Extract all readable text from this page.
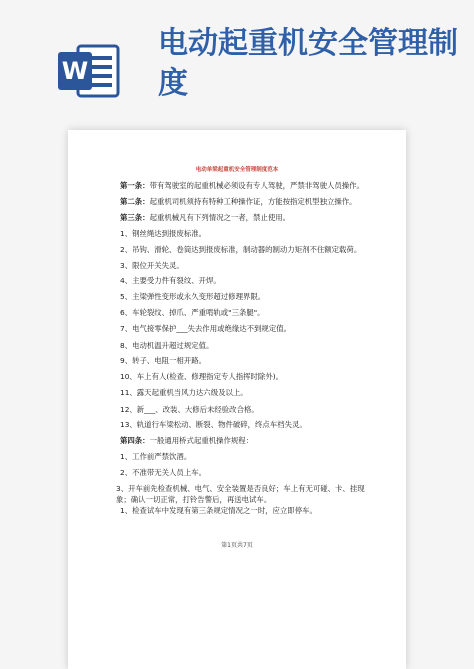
W
电动起重机安全管理制度

电动单梁起重机安全管理制度范本

第一条：带有驾驶室的起重机械必须设有专人驾驶，严禁非驾驶人员操作。
第二条：起重机司机须持有特种工种操作证，方能按指定机型独立操作。
第三条：起重机械凡有下列情况之一者，禁止使用。
1、钢丝绳达到报废标准。
2、吊钩、滑轮、卷筒达到报废标准，制动器的制动力矩剂不住额定载荷。
3、限位开关失灵。
4、主要受力件有裂纹、开焊。
5、主梁弹性变形或永久变形超过修理界限。
6、车轮裂纹、掉爪、严重啃轨或"三条腿"。
7、电气接零保护___失去作用或绝缘达不到规定值。
8、电动机温升超过规定值。
9、转子、电阻一相开路。
10、车上有人(检查、修理指定专人指挥时除外)。
11、露天起重机当风力达六级及以上。
12、新___、改装、大修后未经验改合格。
13、轨道行车梁松动、断裂、物件破碎，终点车档失灵。
第四条：一般通用桥式起重机操作规程：
1、工作前严禁饮酒。
2、不准带无关人员上车。
3、开车前先检查机械、电气、安全装置是否良好；车上有无可碰、卡、挂现象；确认一切正常，打铃告警后，再送电试车。
1、检查试车中发现有第三条规定情况之一时，应立即停车。
第1页共7页
